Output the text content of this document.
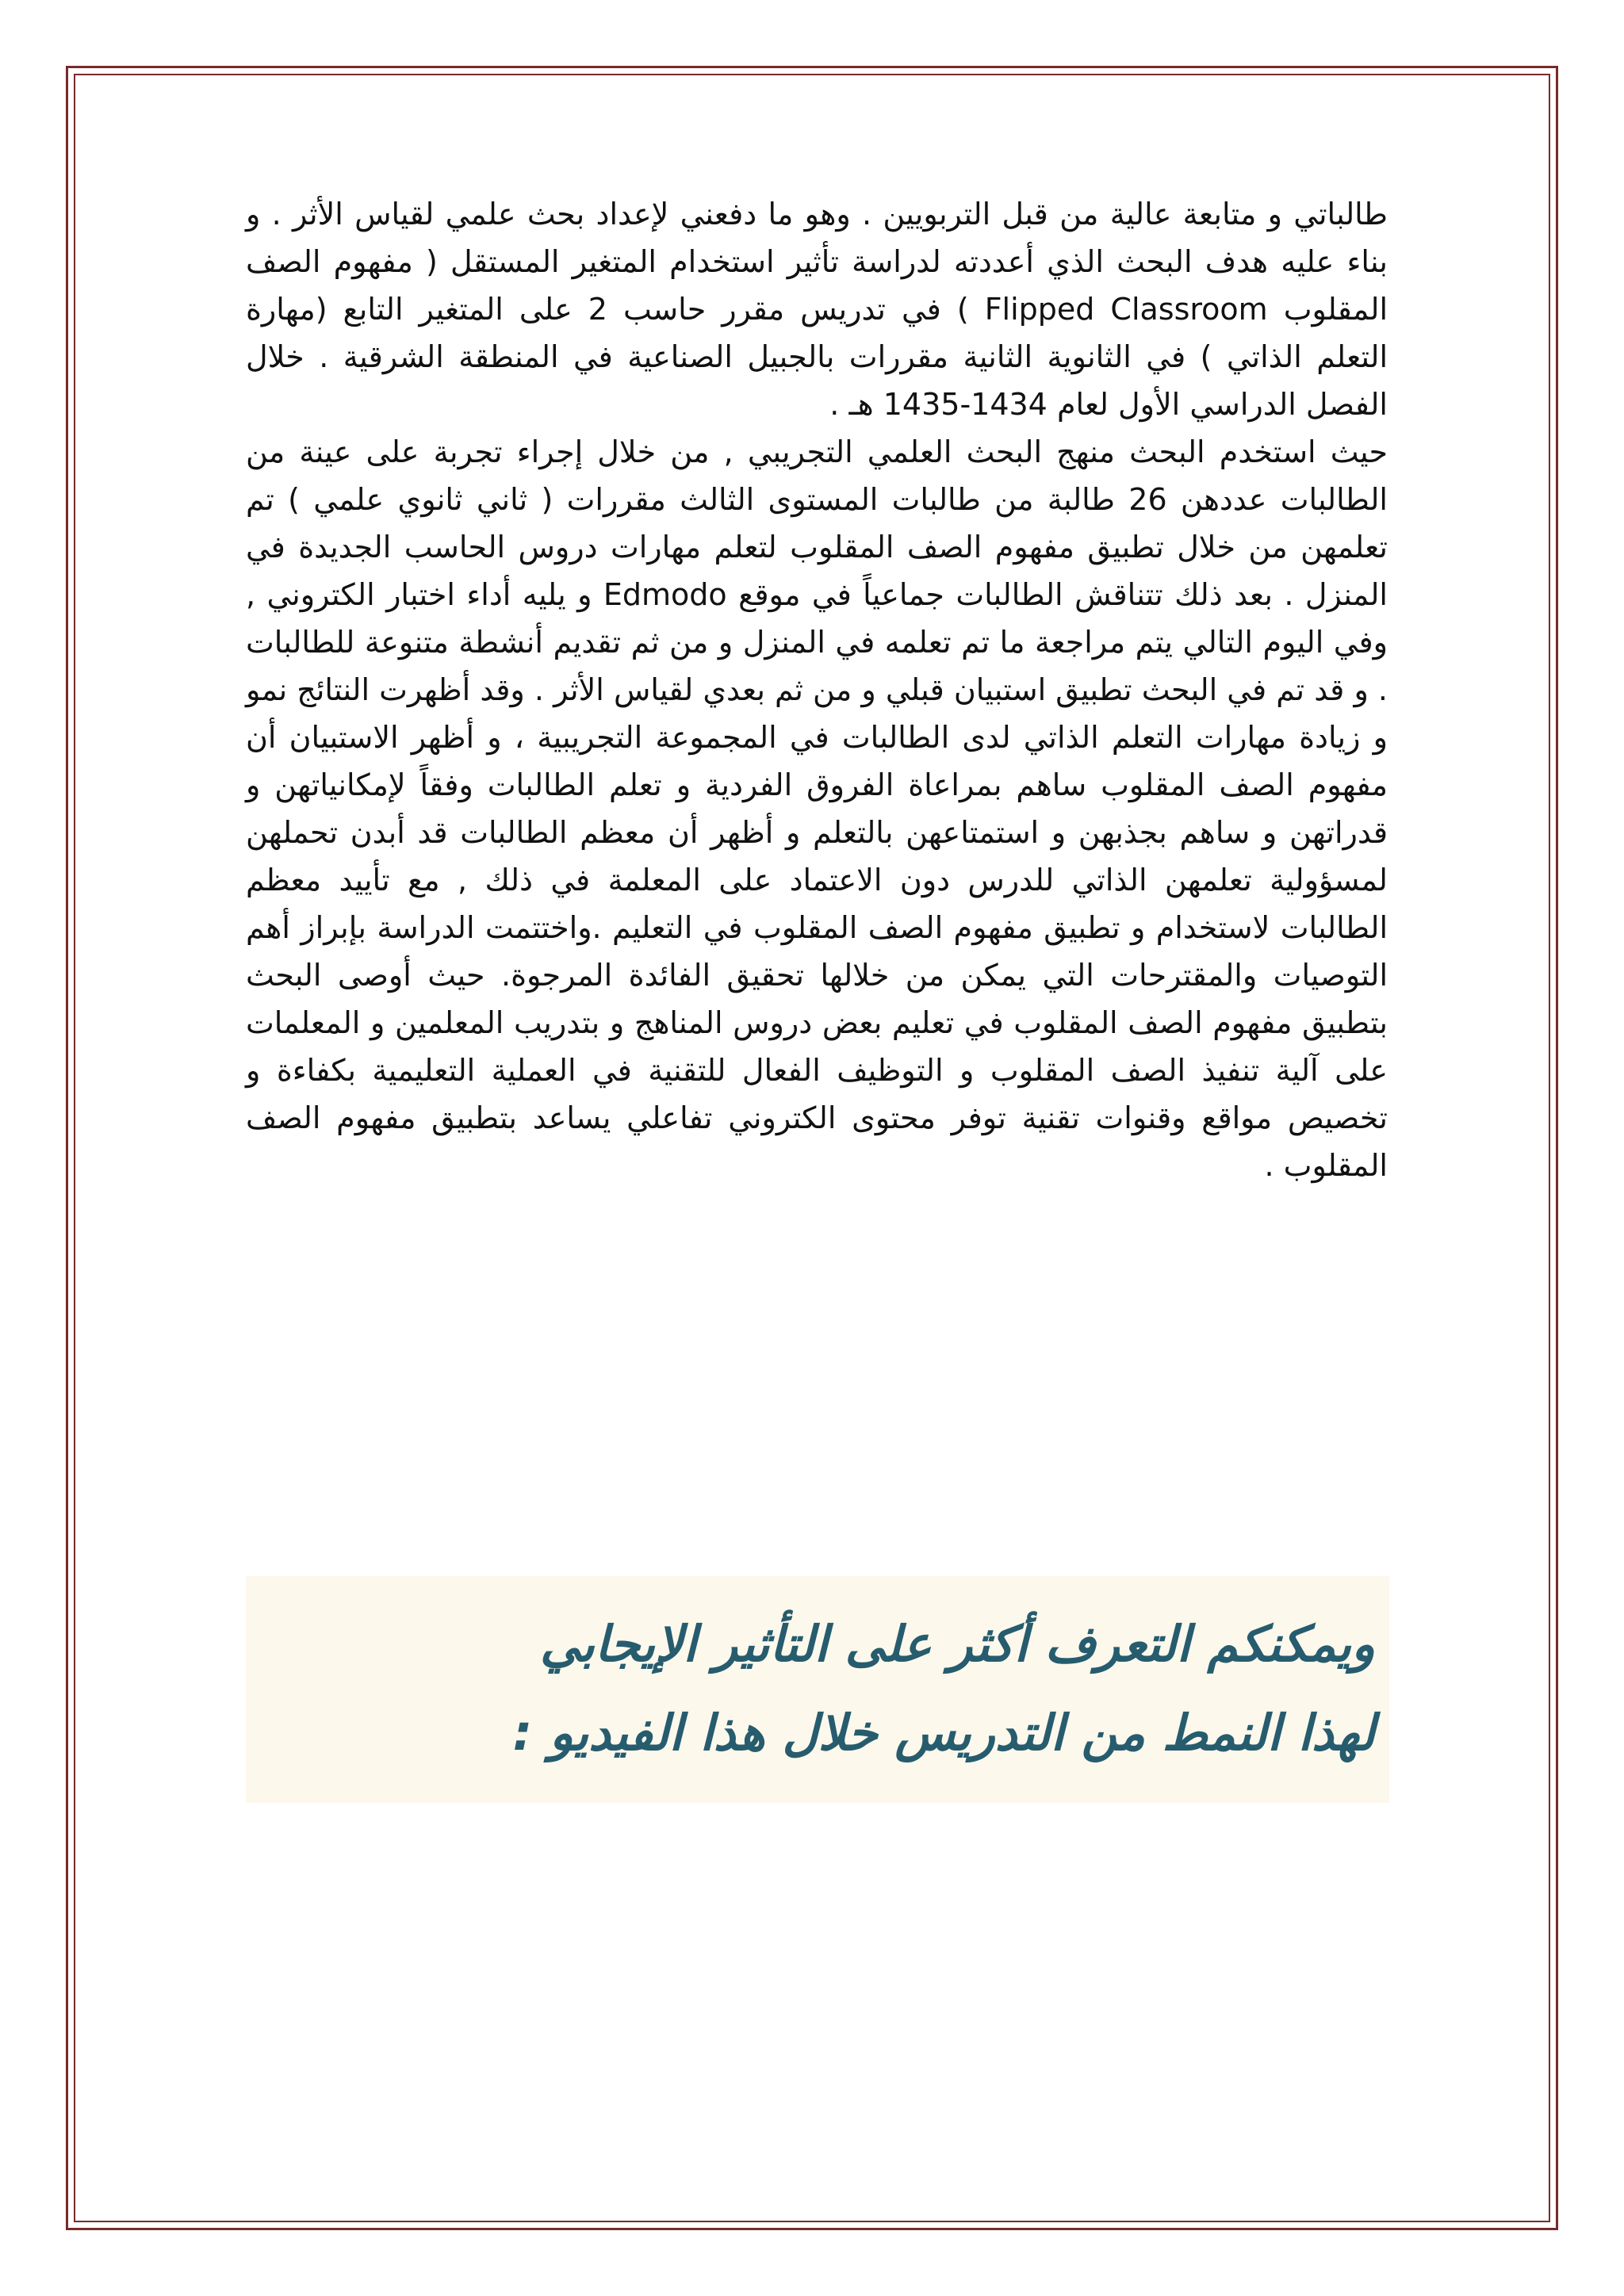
طالباتي و متابعة عالية من قبل التربويين . وهو ما دفعني لإعداد بحث علمي لقياس الأثر . و بناء عليه هدف البحث الذي أعددته لدراسة تأثير استخدام المتغير المستقل ( مفهوم الصف المقلوب Flipped Classroom ) في تدريس مقرر حاسب 2 على المتغير التابع (مهارة التعلم الذاتي ) في الثانوية الثانية مقررات بالجبيل الصناعية في المنطقة الشرقية . خلال الفصل الدراسي الأول لعام 1434-1435 هـ .

حيث استخدم البحث منهج البحث العلمي التجريبي , من خلال إجراء تجربة على عينة من الطالبات عددهن 26 طالبة من طالبات المستوى الثالث مقررات ( ثاني ثانوي علمي ) تم تعلمهن من خلال تطبيق مفهوم الصف المقلوب لتعلم مهارات دروس الحاسب الجديدة في المنزل . بعد ذلك تتناقش الطالبات جماعياً في موقع Edmodo و يليه أداء اختبار الكتروني , وفي اليوم التالي يتم مراجعة ما تم تعلمه في المنزل و من ثم تقديم أنشطة متنوعة للطالبات . و قد تم في البحث تطبيق استبيان قبلي و من ثم بعدي لقياس الأثر . وقد أظهرت النتائج نمو و زيادة مهارات التعلم الذاتي لدى الطالبات في المجموعة التجريبية ، و أظهر الاستبيان أن مفهوم الصف المقلوب ساهم بمراعاة الفروق الفردية و تعلم الطالبات وفقاً لإمكانياتهن و قدراتهن و ساهم بجذبهن و استمتاعهن بالتعلم و أظهر أن معظم الطالبات قد أبدن تحملهن لمسؤولية تعلمهن الذاتي للدرس دون الاعتماد على المعلمة في ذلك , مع تأييد معظم الطالبات لاستخدام و تطبيق مفهوم الصف المقلوب في التعليم .واختتمت الدراسة بإبراز أهم التوصيات والمقترحات التي يمكن من خلالها تحقيق الفائدة المرجوة. حيث أوصى البحث بتطبيق مفهوم الصف المقلوب في تعليم بعض دروس المناهج و بتدريب المعلمين و المعلمات على آلية تنفيذ الصف المقلوب و التوظيف الفعال للتقنية في العملية التعليمية بكفاءة و تخصيص مواقع وقنوات تقنية توفر محتوى الكتروني تفاعلي يساعد بتطبيق مفهوم الصف المقلوب .

ويمكنكم التعرف أكثر على التأثير الإيجابي
لهذا النمط من التدريس خلال هذا الفيديو :
